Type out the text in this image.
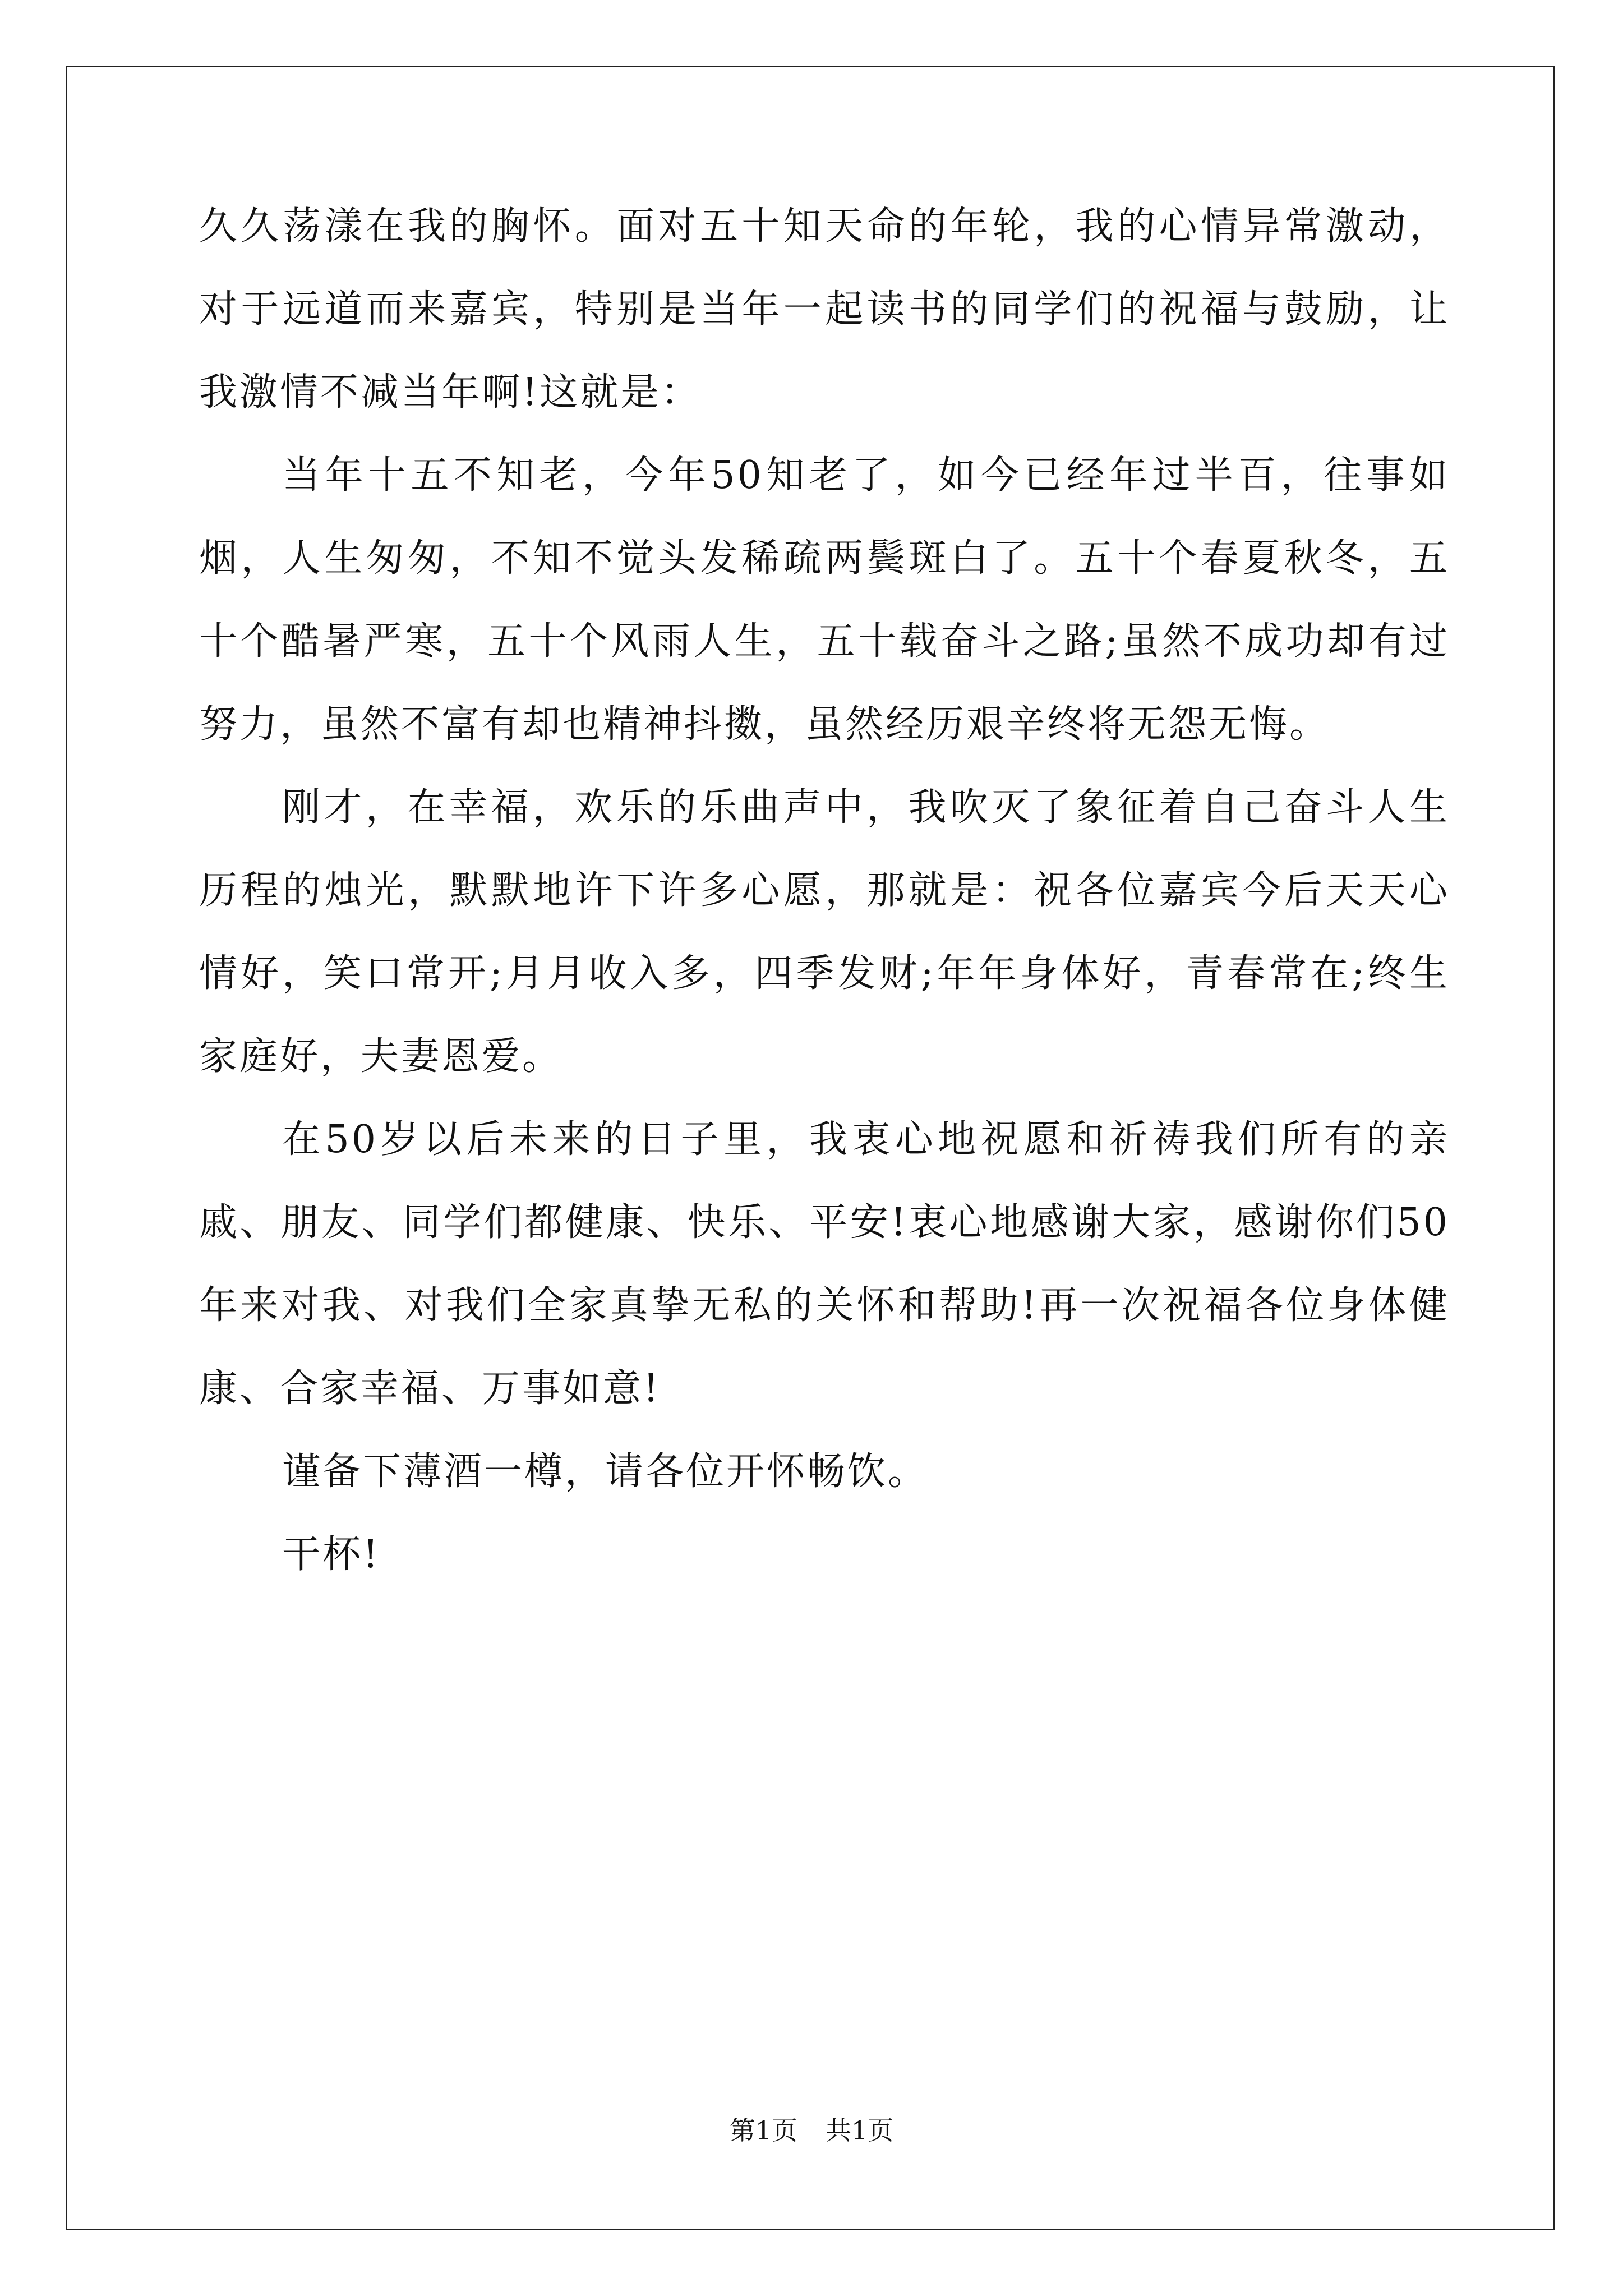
久久荡漾在我的胸怀。面对五十知天命的年轮，我的心情异常激动，对于远道而来嘉宾，特别是当年一起读书的同学们的祝福与鼓励，让我激情不减当年啊!这就是：

当年十五不知老，今年50知老了，如今已经年过半百，往事如烟，人生匆匆，不知不觉头发稀疏两鬓斑白了。五十个春夏秋冬，五十个酷暑严寒，五十个风雨人生，五十载奋斗之路;虽然不成功却有过努力，虽然不富有却也精神抖擞，虽然经历艰辛终将无怨无悔。

刚才，在幸福，欢乐的乐曲声中，我吹灭了象征着自己奋斗人生历程的烛光，默默地许下许多心愿，那就是：祝各位嘉宾今后天天心情好，笑口常开;月月收入多，四季发财;年年身体好，青春常在;终生家庭好，夫妻恩爱。

在50岁以后未来的日子里，我衷心地祝愿和祈祷我们所有的亲戚、朋友、同学们都健康、快乐、平安!衷心地感谢大家，感谢你们50年来对我、对我们全家真挚无私的关怀和帮助!再一次祝福各位身体健康、合家幸福、万事如意!

谨备下薄酒一樽，请各位开怀畅饮。

干杯!

第1页 共1页
